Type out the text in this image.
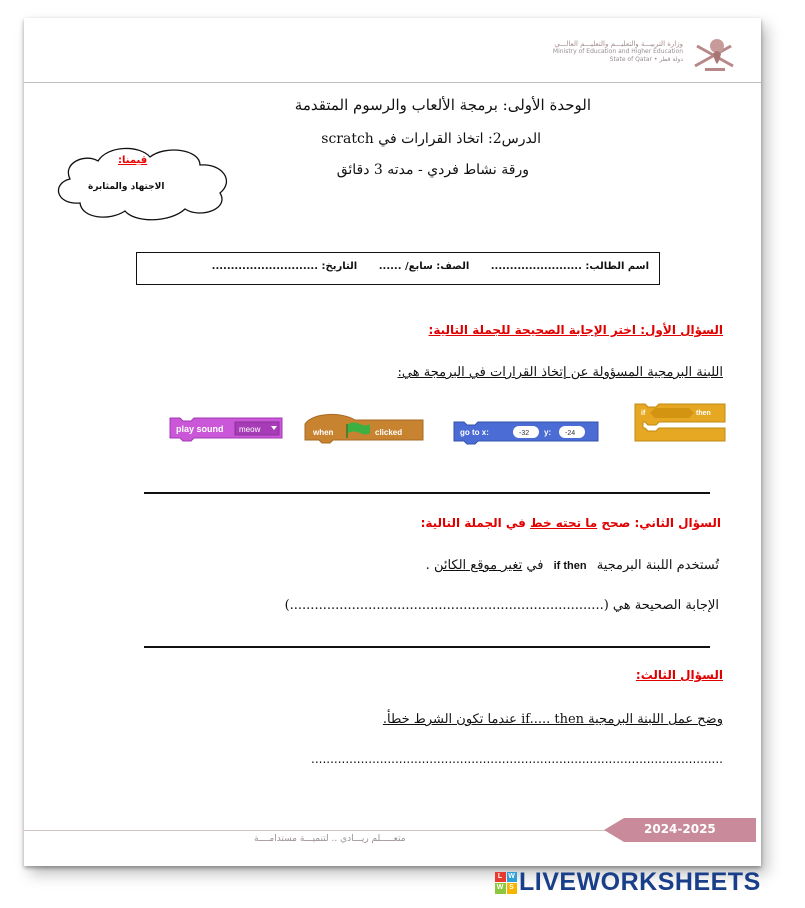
وزارة التربيـــة والتعليـــم والتعليـــم العالـــي
Ministry of Education and Higher Education
State of Qatar • دولة قطر
الوحدة الأولى: برمجة الألعاب والرسوم المتقدمة
الدرس2: اتخاذ القرارات في scratch
ورقة نشاط فردي - مدته 3 دقائق
قيمنا:
الاجتهاد والمثابرة
اسم الطالب: ........................ الصف: سابع/ ...... التاريخ: ............................
السؤال الأول: اختر الإجابة الصحيحة للجملة التالية:
اللبنة البرمجية المسؤولة عن إتخاذ القرارات في البرمجة هي:
play sound meow	when	clicked	go to x:	-32 y: -24
if	then
السؤال الثاني: صحح ما تحته خط في الجملة التالية:
تُستخدم اللبنة البرمجية if then في تغير موقع الكائن .
الإجابة الصحيحة هي (............................................................................)
السؤال الثالث:
وضح عمل اللبنة البرمجية if..... then عندما تكون الشرط خطأ.
............................................................................................................
متعـــــلم ريـــادي .. لتنميـــة مستدامــــة
2024-2025
L W
W S LIVEWORKSHEETS
